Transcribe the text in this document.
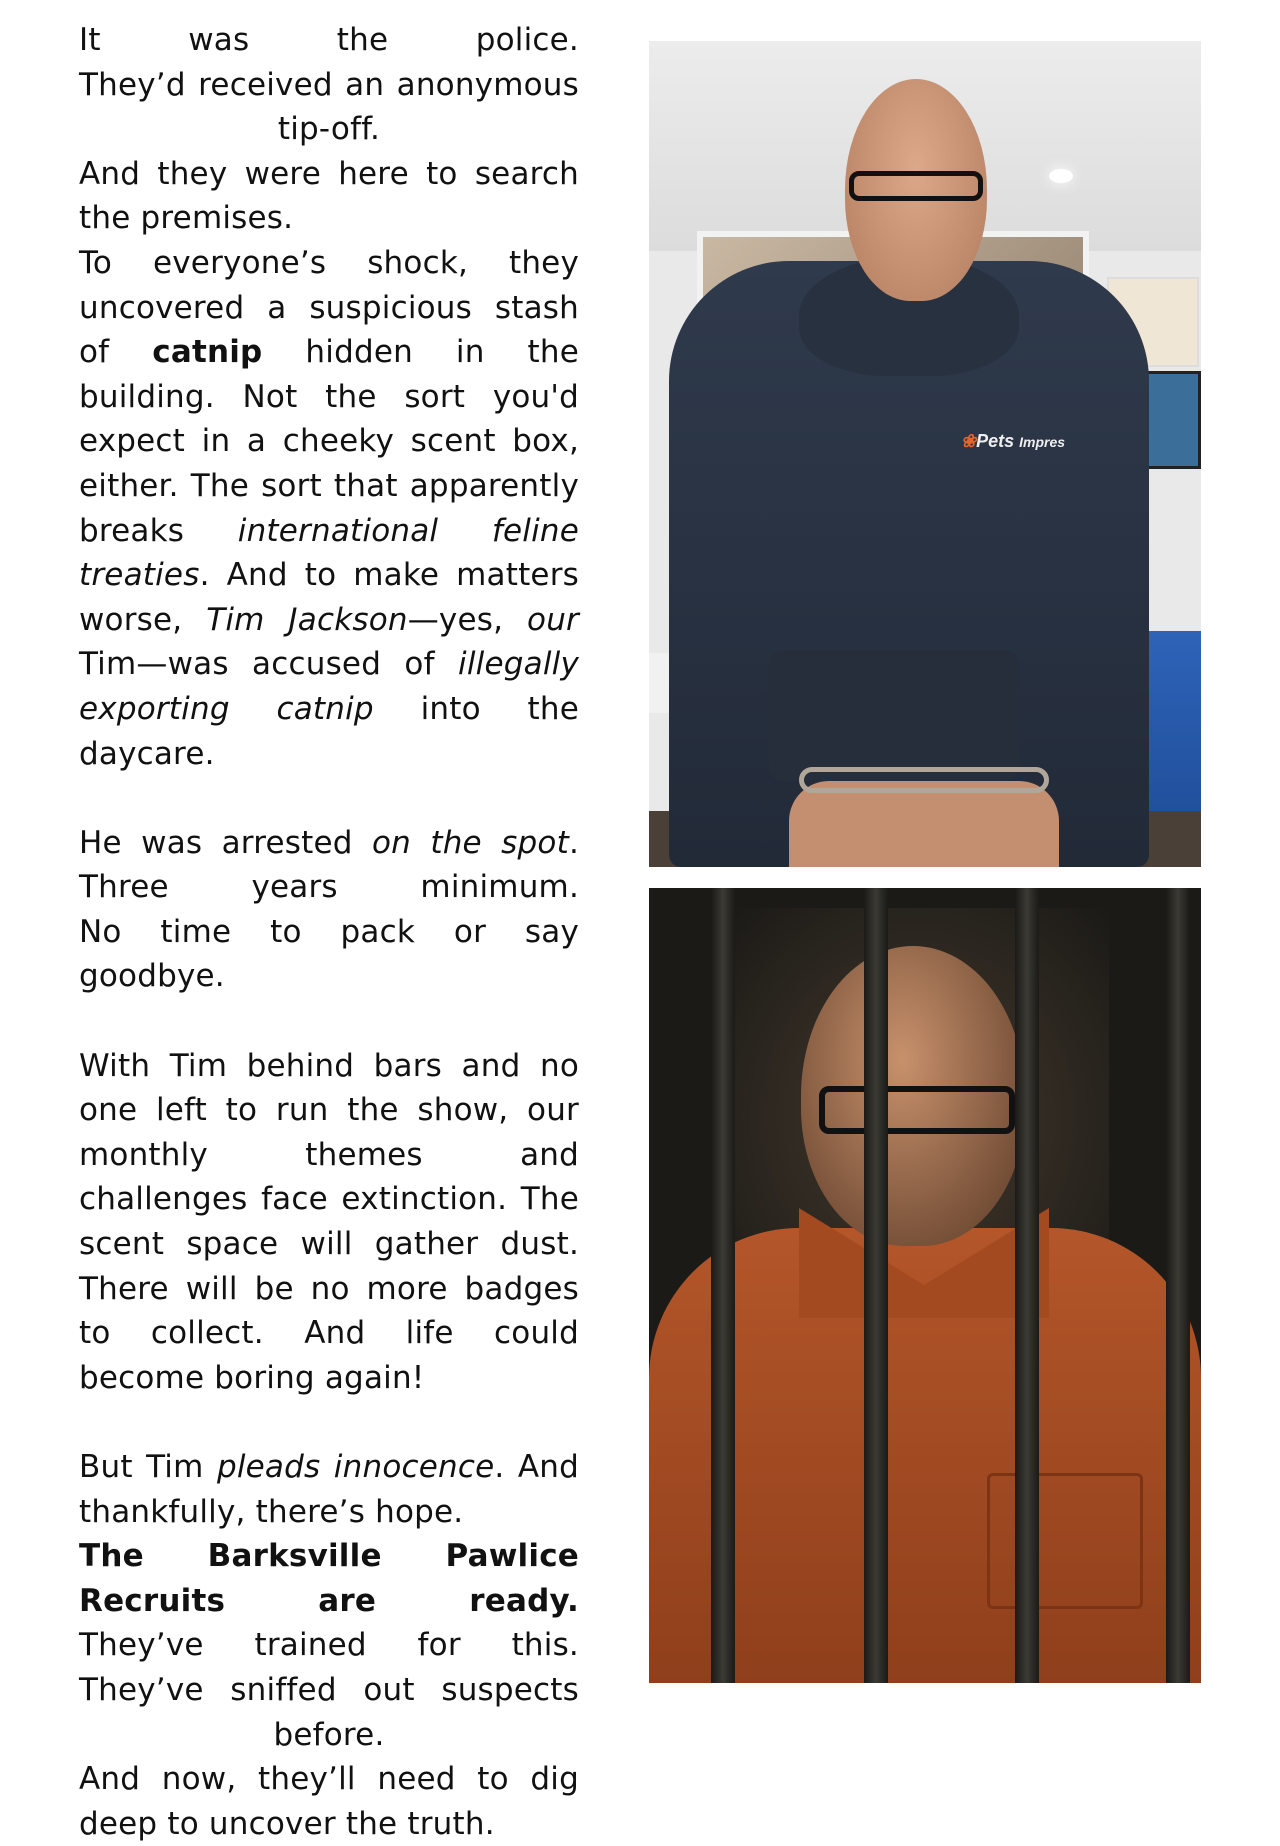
It	was	the	police.

They’d received an anonymous

tip-off.

And they were here to search the premises.

To everyone’s shock, they uncovered a suspicious stash of catnip hidden in the building. Not the sort you'd expect in a cheeky scent box, either. The sort that apparently breaks international feline treaties. And to make matters worse, Tim Jackson—yes, our Tim—was accused of illegally exporting catnip into the daycare.

He was arrested on the spot. Three years minimum.

No time to pack or say goodbye.

With Tim behind bars and no one left to run the show, our monthly themes and challenges face extinction. The scent space will gather dust. There will be no more badges to collect. And life could become boring again!

But Tim pleads innocence. And thankfully, there’s hope.

The Barksville Pawlice Recruits are ready.

They’ve trained for this.

They’ve sniffed out suspects

before.

And now, they’ll need to dig deep to uncover the truth.

❀Pets Impres
